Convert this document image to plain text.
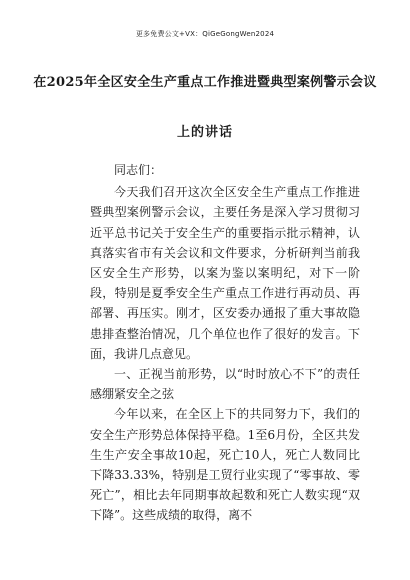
更多免费公文+VX：QiGeGongWen2024
在2025年全区安全生产重点工作推进暨典型案例警示会议
上的讲话

同志们：

今天我们召开这次全区安全生产重点工作推进暨典型案例警示会议，主要任务是深入学习贯彻习近平总书记关于安全生产的重要指示批示精神，认真落实省市有关会议和文件要求，分析研判当前我区安全生产形势，以案为鉴以案明纪，对下一阶段，特别是夏季安全生产重点工作进行再动员、再部署、再压实。刚才，区安委办通报了重大事故隐患排查整治情况，几个单位也作了很好的发言。下面，我讲几点意见。

一、正视当前形势，以“时时放心不下”的责任感绷紧安全之弦

今年以来，在全区上下的共同努力下，我们的安全生产形势总体保持平稳。1至6月份，全区共发生生产安全事故10起，死亡10人，死亡人数同比下降33.33%，特别是工贸行业实现了“零事故、零死亡”，相比去年同期事故起数和死亡人数实现“双下降”。这些成绩的取得，离不
